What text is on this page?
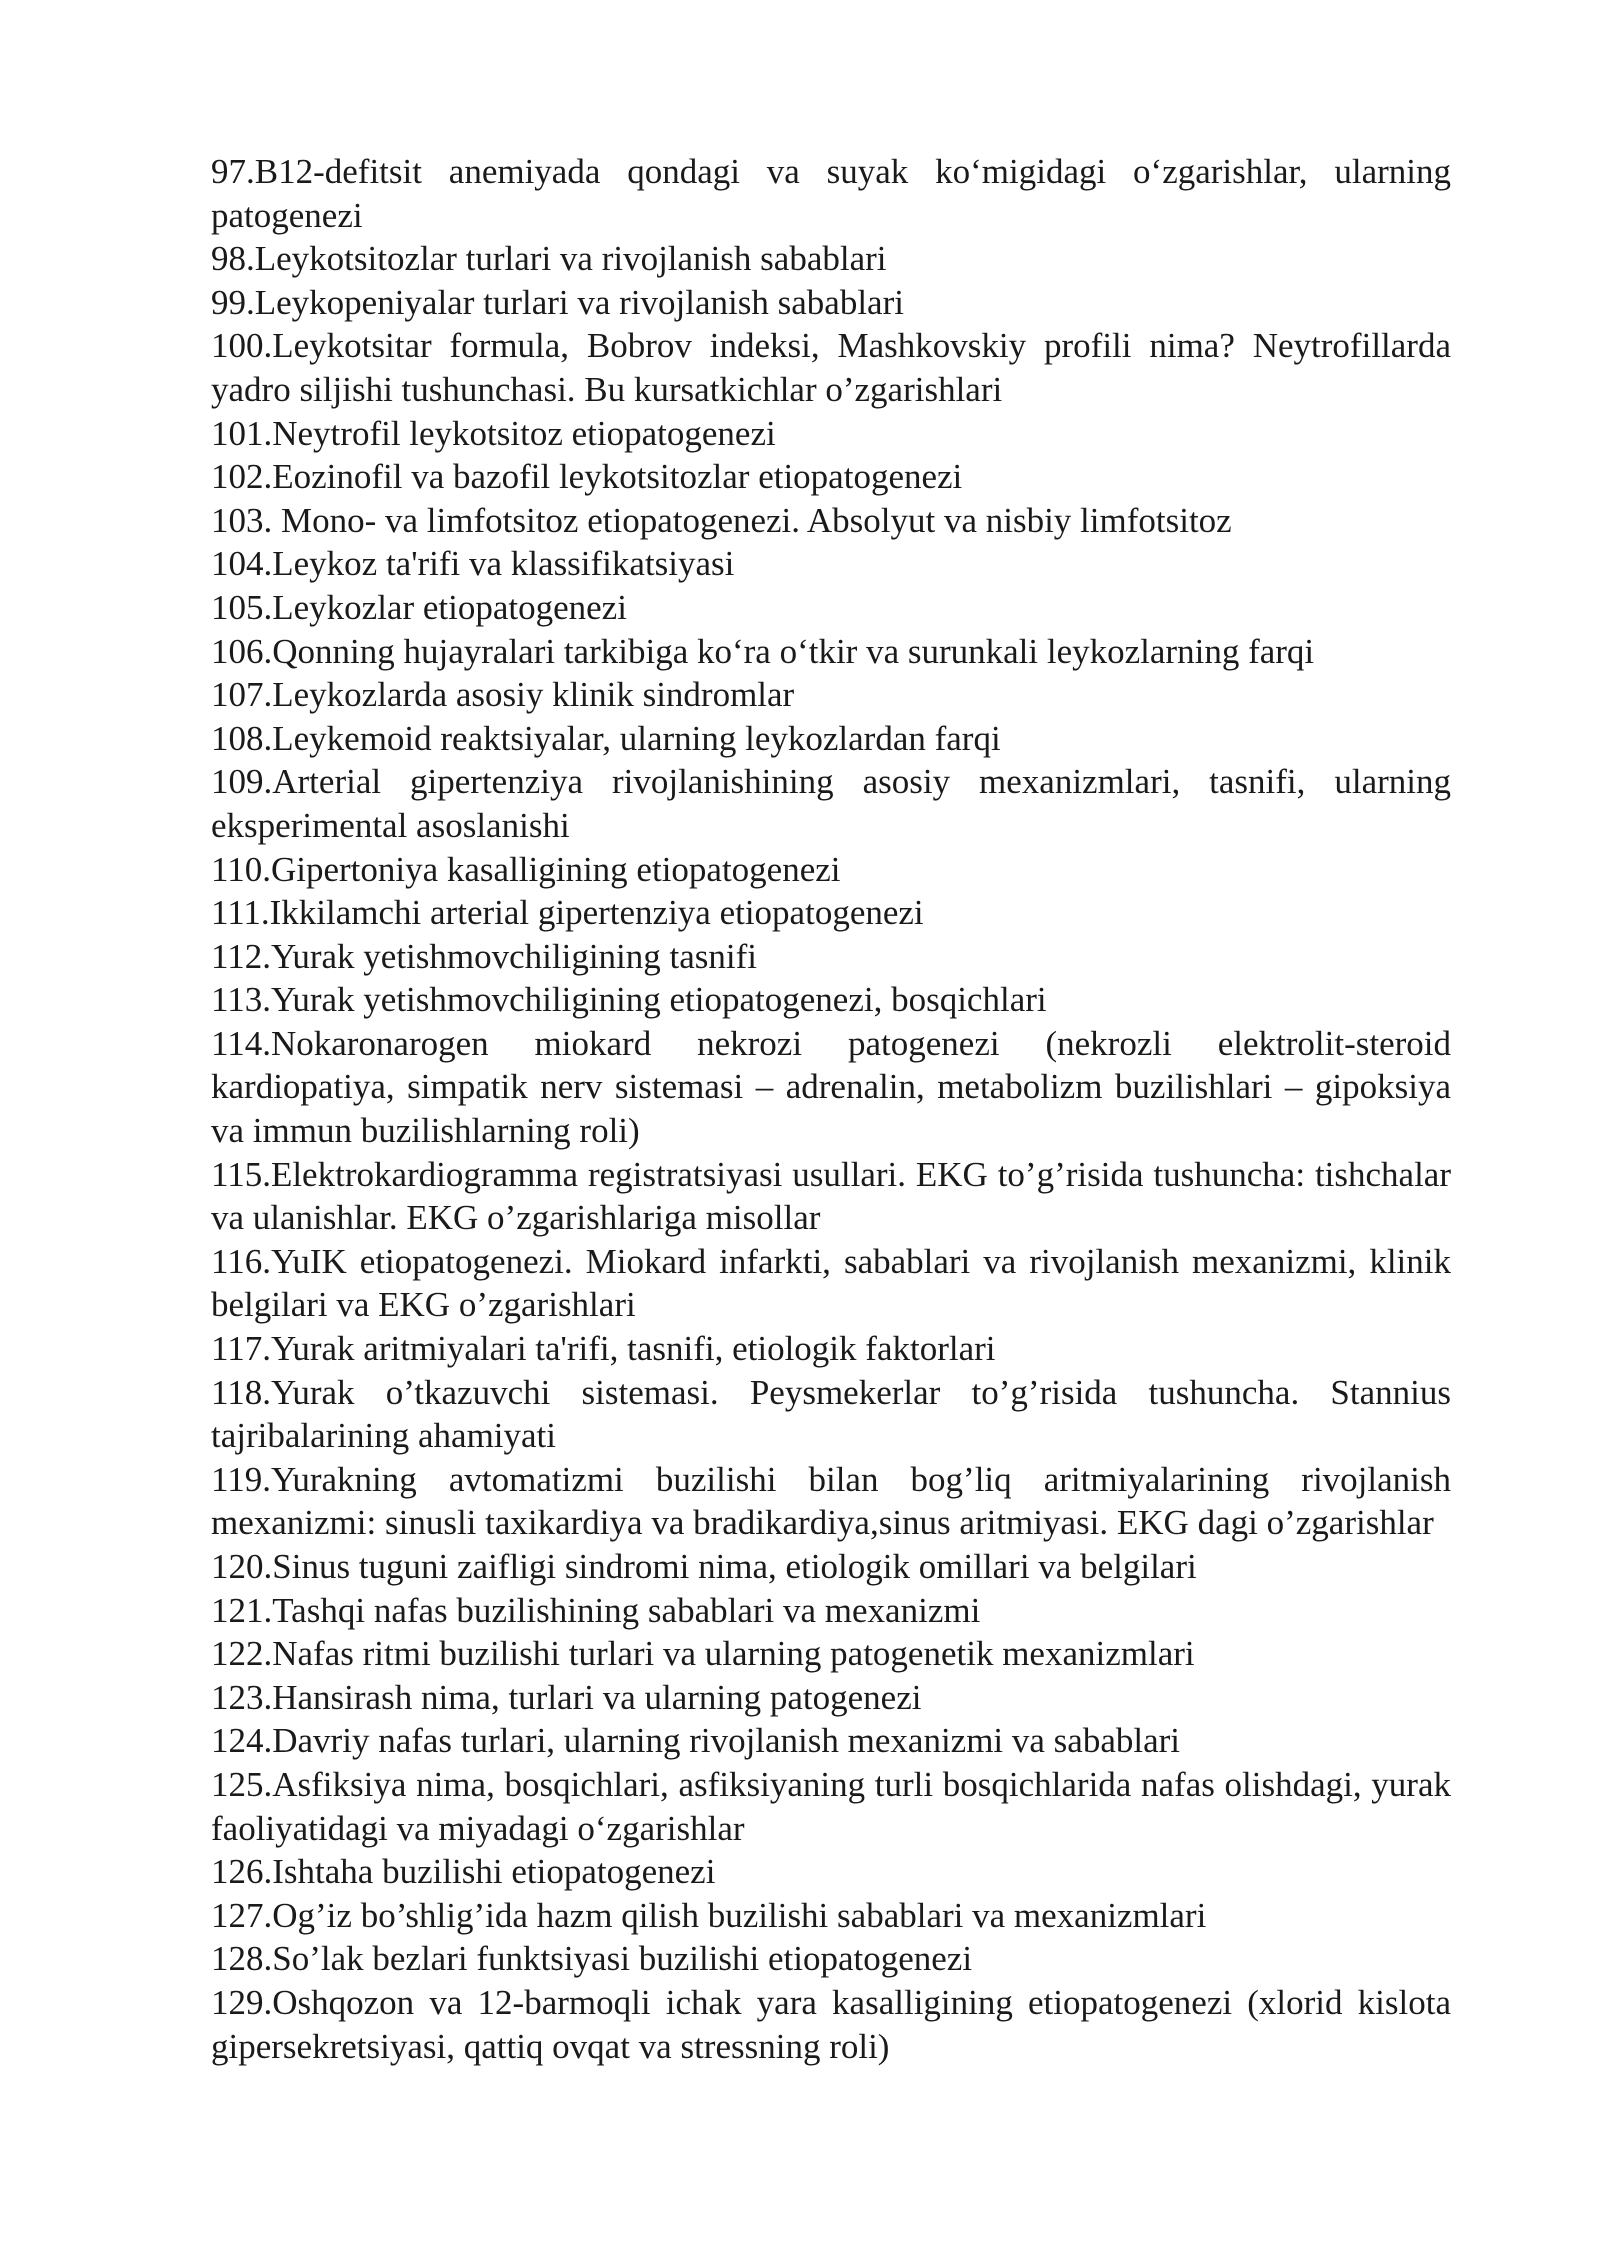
97.B12-defitsit anemiyada qondagi va suyak ko‘migidagi o‘zgarishlar, ularning patogenezi
98.Leykotsitozlar turlari va rivojlanish sabablari
99.Leykopeniyalar turlari va rivojlanish sabablari
100.Leykotsitar formula, Bobrov indeksi, Mashkovskiy profili nima? Neytrofillarda yadro siljishi tushunchasi. Bu kursatkichlar o’zgarishlari
101.Neytrofil leykotsitoz etiopatogenezi
102.Eozinofil va bazofil leykotsitozlar etiopatogenezi
103. Mono- va limfotsitoz etiopatogenezi. Absolyut va nisbiy limfotsitoz
104.Leykoz ta'rifi va klassifikatsiyasi
105.Leykozlar etiopatogenezi
106.Qonning hujayralari tarkibiga ko‘ra o‘tkir va surunkali leykozlarning farqi
107.Leykozlarda asosiy klinik sindromlar
108.Leykemoid reaktsiyalar, ularning leykozlardan farqi
109.Arterial gipertenziya rivojlanishining asosiy mexanizmlari, tasnifi, ularning eksperimental asoslanishi
110.Gipertoniya kasalligining etiopatogenezi
111.Ikkilamchi arterial gipertenziya etiopatogenezi
112.Yurak yetishmovchiligining tasnifi
113.Yurak yetishmovchiligining etiopatogenezi, bosqichlari
114.Nokaronarogen miokard nekrozi patogenezi (nekrozli elektrolit-steroid kardiopatiya, simpatik nerv sistemasi – adrenalin, metabolizm buzilishlari – gipoksiya va immun buzilishlarning roli)
115.Elektrokardiogramma registratsiyasi usullari. EKG to’g’risida tushuncha: tishchalar va ulanishlar. EKG o’zgarishlariga misollar
116.YuIK etiopatogenezi. Miokard infarkti, sabablari va rivojlanish mexanizmi, klinik belgilari va EKG o’zgarishlari
117.Yurak aritmiyalari ta'rifi, tasnifi, etiologik faktorlari
118.Yurak o’tkazuvchi sistemasi. Peysmekerlar to’g’risida tushuncha. Stannius tajribalarining ahamiyati
119.Yurakning avtomatizmi buzilishi bilan bog’liq aritmiyalarining rivojlanish mexanizmi: sinusli taxikardiya va bradikardiya,sinus aritmiyasi. EKG dagi o’zgarishlar
120.Sinus tuguni zaifligi sindromi nima, etiologik omillari va belgilari
121.Tashqi nafas buzilishining sabablari va mexanizmi
122.Nafas ritmi buzilishi turlari va ularning patogenetik mexanizmlari
123.Hansirash nima, turlari va ularning patogenezi
124.Davriy nafas turlari, ularning rivojlanish mexanizmi va sabablari
125.Asfiksiya nima, bosqichlari, asfiksiyaning turli bosqichlarida nafas olishdagi, yurak faoliyatidagi va miyadagi o‘zgarishlar
126.Ishtaha buzilishi etiopatogenezi
127.Og’iz bo’shlig’ida hazm qilish buzilishi sabablari va mexanizmlari
128.So’lak bezlari funktsiyasi buzilishi etiopatogenezi
129.Oshqozon va 12-barmoqli ichak yara kasalligining etiopatogenezi (xlorid kislota gipersekretsiyasi, qattiq ovqat va stressning roli)
